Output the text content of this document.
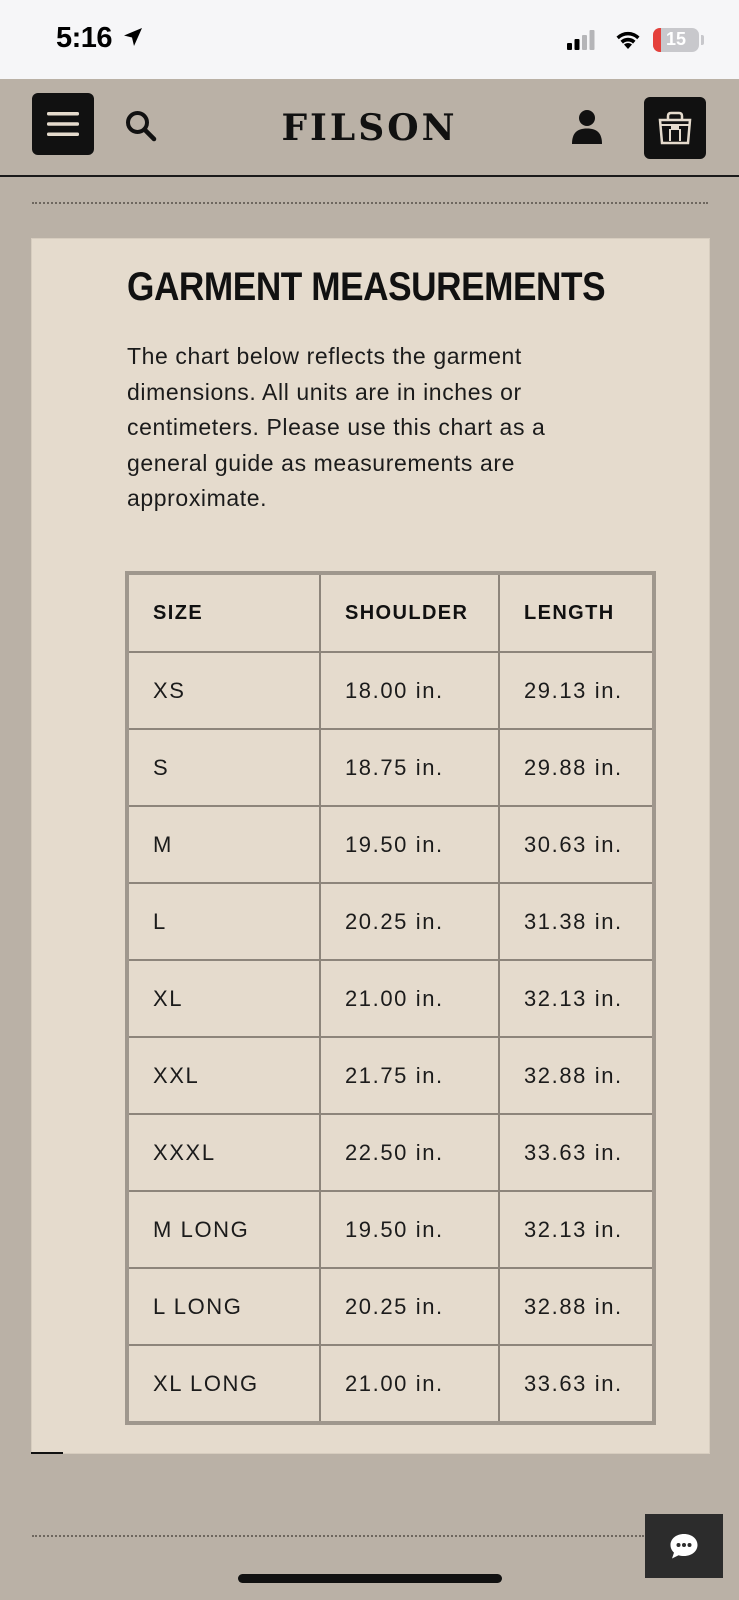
5:16	15
FILSON
GARMENT MEASUREMENTS
The chart below reflects the garment dimensions. All units are in inches or centimeters. Please use this chart as a general guide as measurements are approximate.
SIZE	SHOULDER	LENGTH
XS	18.00 in.	29.13 in.
S	18.75 in.	29.88 in.
M	19.50 in.	30.63 in.
L	20.25 in.	31.38 in.
XL	21.00 in.	32.13 in.
XXL	21.75 in.	32.88 in.
XXXL	22.50 in.	33.63 in.
M LONG	19.50 in.	32.13 in.
L LONG	20.25 in.	32.88 in.
XL LONG	21.00 in.	33.63 in.
